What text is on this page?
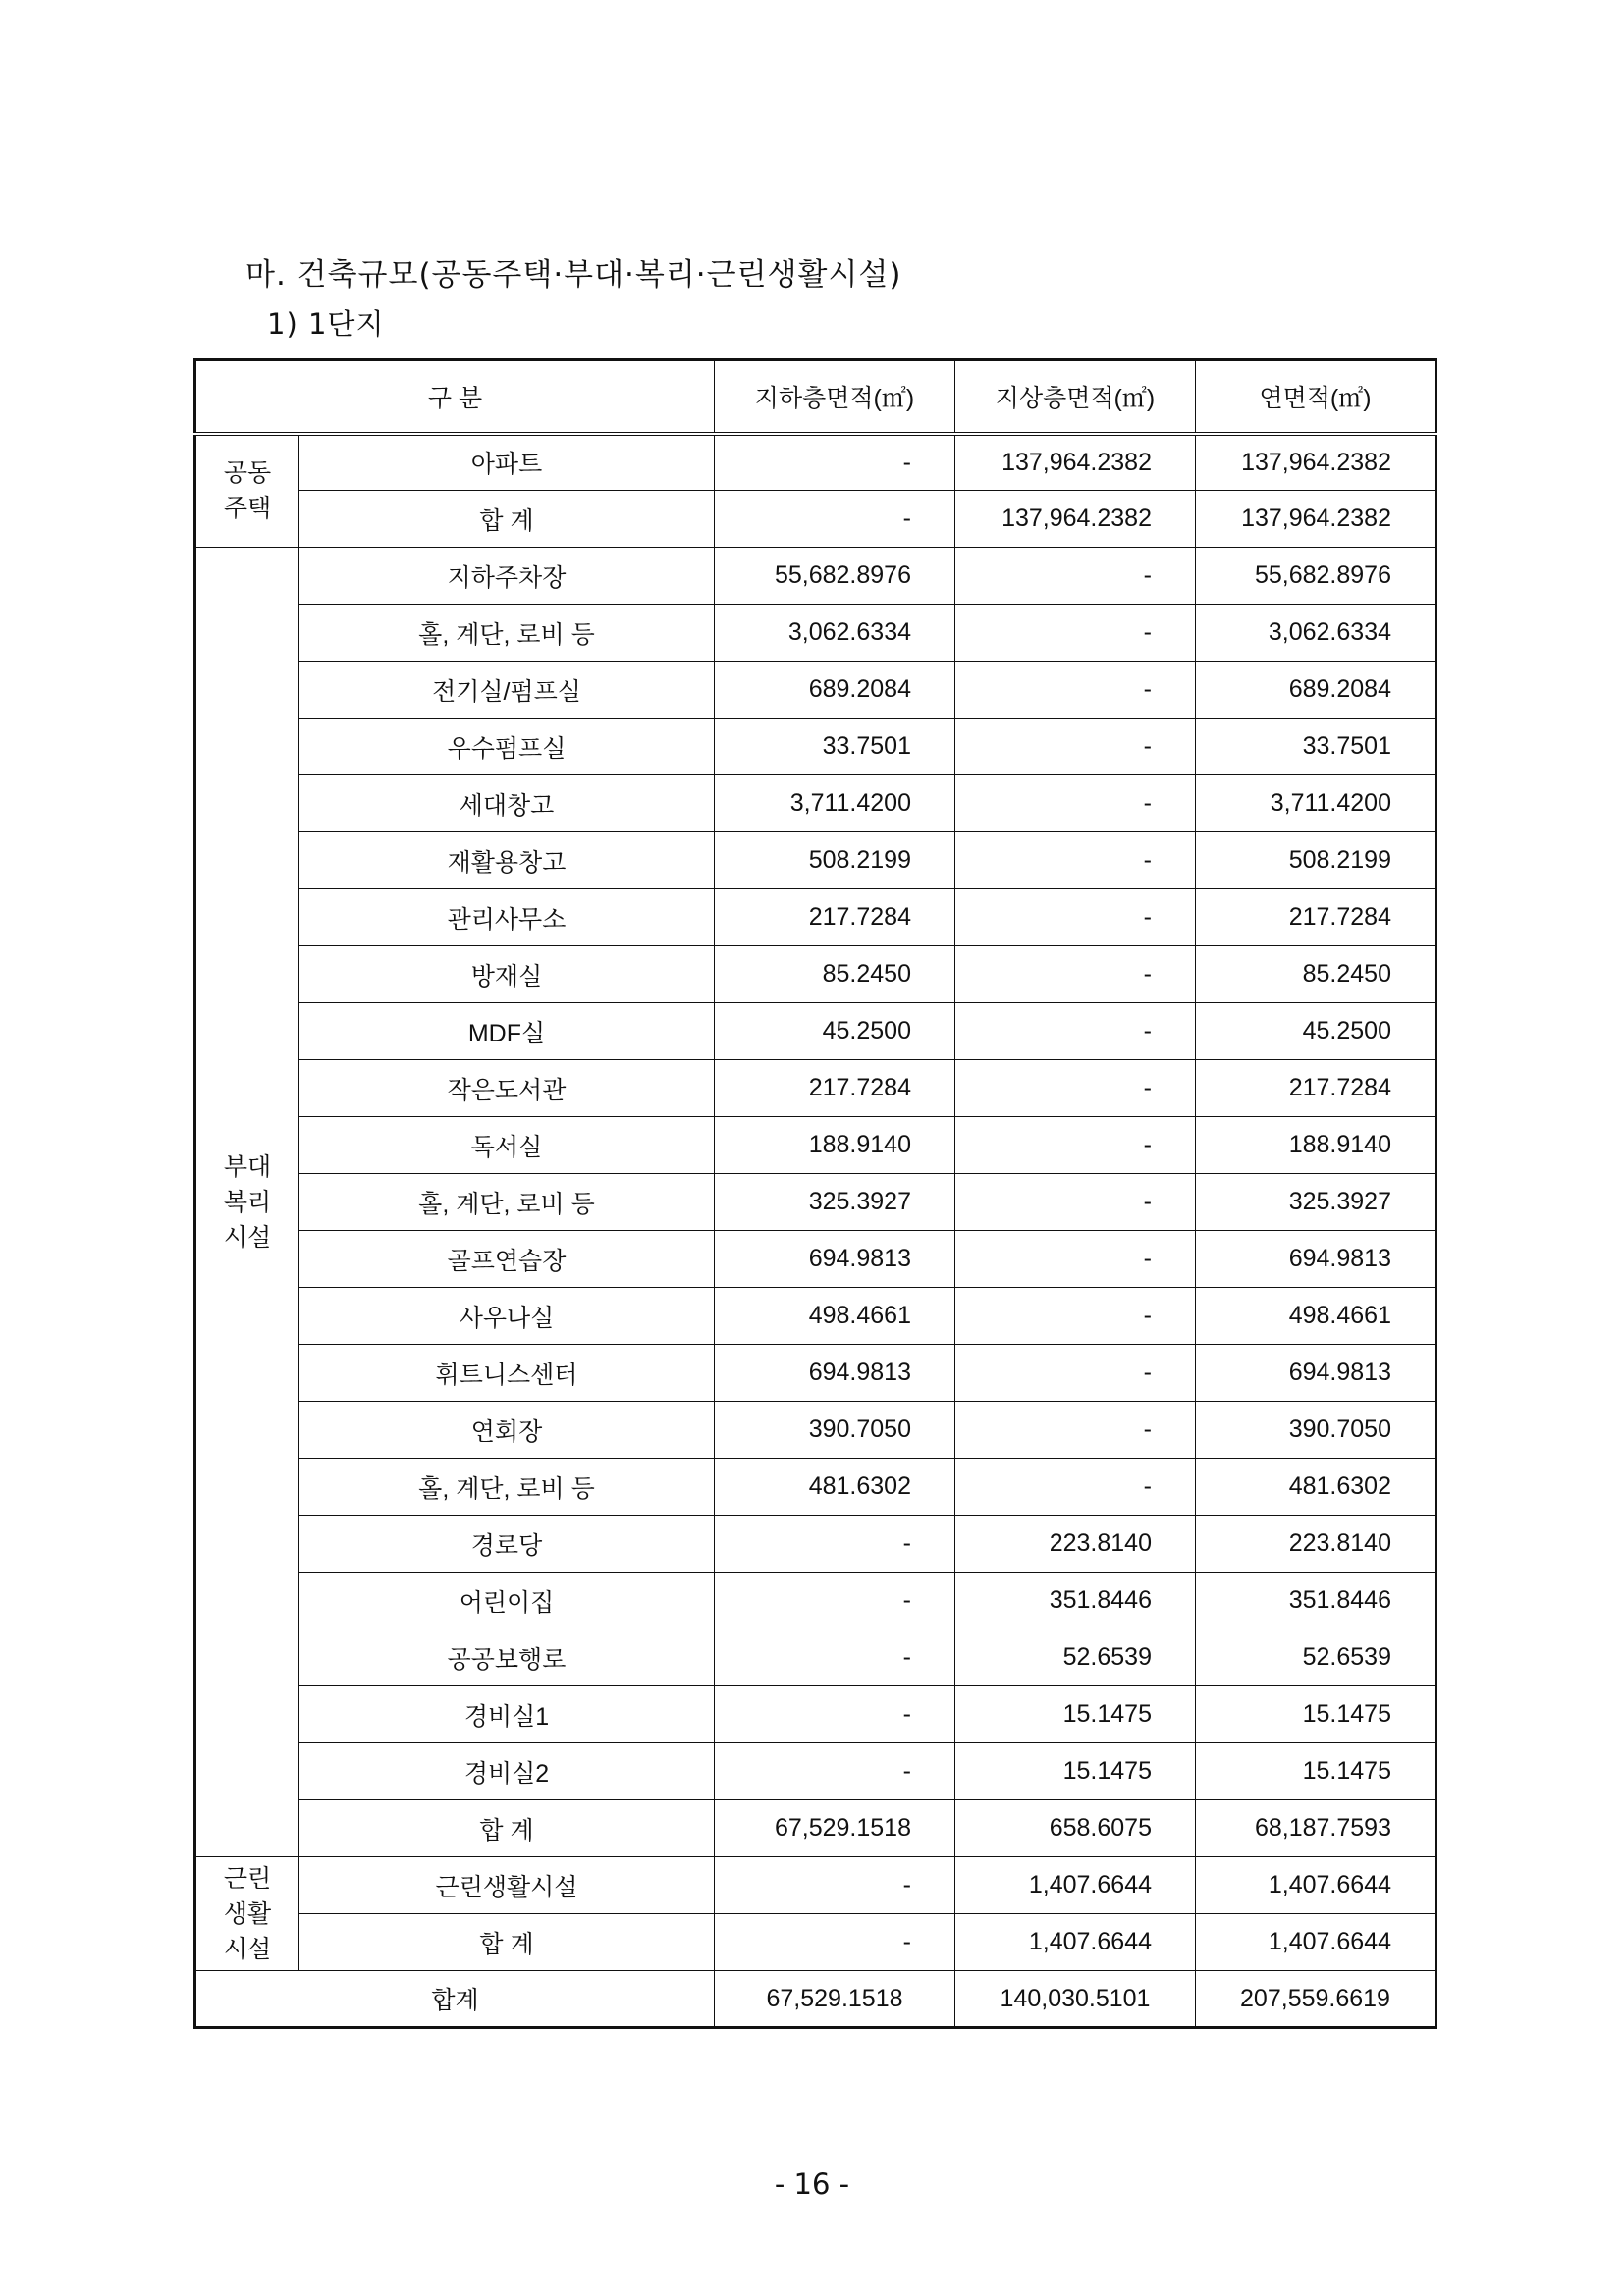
마. 건축규모(공동주택·부대·복리·근린생활시설)
1) 1단지
구 분		지하층면적(㎡)	지상층면적(㎡)	연면적(㎡)
공동
주택	아파트	-	137,964.2382	137,964.2382
	합 계	-	137,964.2382	137,964.2382
부대
복리
시설	지하주차장	55,682.8976	-	55,682.8976
	홀, 계단, 로비 등	3,062.6334	-	3,062.6334
	전기실/펌프실	689.2084	-	689.2084
	우수펌프실	33.7501	-	33.7501
	세대창고	3,711.4200	-	3,711.4200
	재활용창고	508.2199	-	508.2199
	관리사무소	217.7284	-	217.7284
	방재실	85.2450	-	85.2450
	MDF실	45.2500	-	45.2500
	작은도서관	217.7284	-	217.7284
	독서실	188.9140	-	188.9140
	홀, 계단, 로비 등	325.3927	-	325.3927
	골프연습장	694.9813	-	694.9813
	사우나실	498.4661	-	498.4661
	휘트니스센터	694.9813	-	694.9813
	연회장	390.7050	-	390.7050
	홀, 계단, 로비 등	481.6302	-	481.6302
	경로당	-	223.8140	223.8140
	어린이집	-	351.8446	351.8446
	공공보행로	-	52.6539	52.6539
	경비실1	-	15.1475	15.1475
	경비실2	-	15.1475	15.1475
	합 계	67,529.1518	658.6075	68,187.7593
근린
생활
시설	근린생활시설	-	1,407.6644	1,407.6644
	합 계	-	1,407.6644	1,407.6644
합계		67,529.1518	140,030.5101	207,559.6619
- 16 -
